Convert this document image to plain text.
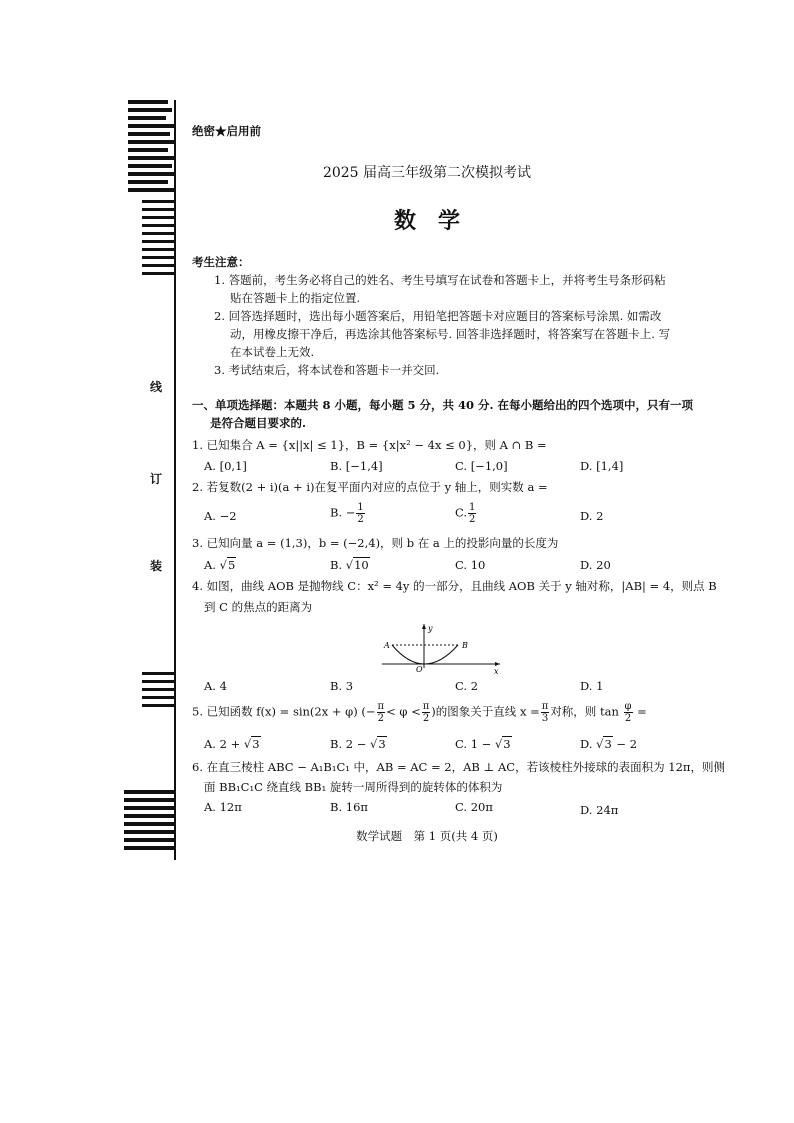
线
订
装
绝密★启用前
2025 届高三年级第二次模拟考试
数　学
考生注意：
1. 答题前，考生务必将自己的姓名、考生号填写在试卷和答题卡上，并将考生号条形码粘
贴在答题卡上的指定位置.
2. 回答选择题时，选出每小题答案后，用铅笔把答题卡对应题目的答案标号涂黑. 如需改
动，用橡皮擦干净后，再选涂其他答案标号. 回答非选择题时，将答案写在答题卡上. 写
在本试卷上无效.
3. 考试结束后，将本试卷和答题卡一并交回.
一、单项选择题：本题共 8 小题，每小题 5 分，共 40 分. 在每小题给出的四个选项中，只有一项
是符合题目要求的.
1. 已知集合 A = {x||x| ≤ 1}，B = {x|x² − 4x ≤ 0}，则 A ∩ B =
A. [0,1]	B. [−1,4]	C. [−1,0]	D. [1,4]
2. 若复数(2 + i)(a + i)在复平面内对应的点位于 y 轴上，则实数 a =
A. −2	B. − $\frac{1}{2}$	C. $\frac{1}{2}$	D. 2
3. 已知向量 a = (1,3)，b = (−2,4)，则 b 在 a 上的投影向量的长度为
A. √5	B. √10	C. 10	D. 20
4. 如图，曲线 AOB 是抛物线 C：x² = 4y 的一部分，且曲线 AOB 关于 y 轴对称，|AB| = 4，则点 B
到 C 的焦点的距离为
y
x
A	B
O
A. 4	B. 3	C. 2	D. 1
5. 已知函数 f(x) = sin(2x + φ) (− $\frac{\pi}{2} < \varphi < \frac{\pi}{2}$ )的图象关于直线 $x = \frac{\pi}{3}$ 对称，则 $\tan \frac{\varphi}{2}$ =
A. 2 + √3	B. 2 − √3	C. 1 − √3	D. √3 − 2
6. 在直三棱柱 ABC − A₁B₁C₁ 中，AB = AC = 2，AB ⊥ AC，若该棱柱外接球的表面积为 12π，则侧
面 BB₁C₁C 绕直线 BB₁ 旋转一周所得到的旋转体的体积为
A. 12π	B. 16π	C. 20π	D. 24π
数学试题　第 1 页(共 4 页)
